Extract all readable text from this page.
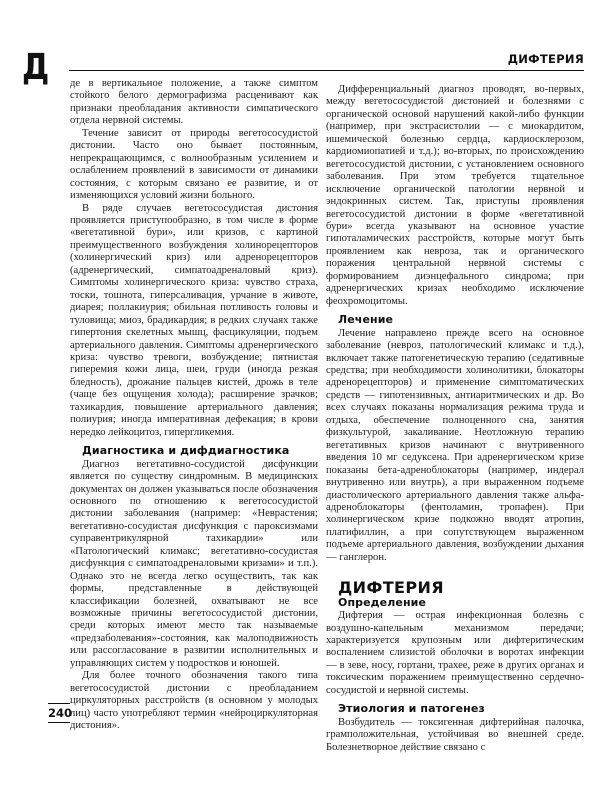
Д	ДИФТЕРИЯ

де в вертикальное положение, а также симптом стойкого белого дермографизма расценивают как признаки преобладания активности симпатического отдела нервной системы.

Течение зависит от природы вегетососудистой дистонии. Часто оно бывает постоянным, непрекращающимся, с волнообразным усилением и ослаблением проявлений в зависимости от динамики состояния, с которым связано ее развитие, и от изменяющихся условий жизни больного.

В ряде случаев вегетососудистая дистония проявляется приступообразно, в том числе в форме «вегетативной бури», или кризов, с картиной преимущественного возбуждения холинорецепторов (холинергический криз) или адренорецепторов (адренергический, симпатоадреналовый криз). Симптомы холинергического криза: чувство страха, тоски, тошнота, гиперсаливация, урчание в животе, диарея; поллакиурия; обильная потливость головы и туловища; миоз, брадикардия; в редких случаях также гипертония скелетных мышц, фасцикуляции, подъем артериального давления. Симптомы адренергического криза: чувство тревоги, возбуждение; пятнистая гиперемия кожи лица, шеи, груди (иногда резкая бледность), дрожание пальцев кистей, дрожь в теле (чаще без ощущения холода); расширение зрачков; тахикардия, повышение артериального давления; полиурия; иногда императивная дефекация; в крови нередко лейкоцитоз, гипергликемия.

Диагностика и дифдиагностика

Диагноз вегетативно-сосудистой дисфункции является по существу синдромным. В медицинских документах он должен указываться после обозначения основного по отношению к вегетососудистой дистонии заболевания (например: «Неврастения; вегетативно-сосудистая дисфункция с пароксизмами суправентрикулярной тахикардии» или «Патологический климакс; вегетативно-сосудистая дисфункция с симпатоадреналовыми кризами» и т.п.). Однако это не всегда легко осуществить, так как формы, представленные в действующей классификации болезней, охватывают не все возможные причины вегетососудистой дистонии, среди которых имеют место так называемые «предзаболевания»-состояния, как малоподвижность или рассогласование в развитии исполнительных и управляющих систем у подростков и юношей.

Для более точного обозначения такого типа вегетососудистой дистонии с преобладанием циркуляторных расстройств (в основном у молодых лиц) часто употребляют термин «нейроциркуляторная дистония».

Дифференциальный диагноз проводят, во-первых, между вегетососудистой дистонией и болезнями с органической основой нарушений какой-либо функции (например, при экстрасистолии — с миокардитом, ишемической болезнью сердца, кардиосклерозом, кардиомиопатией и т.д.); во-вторых, по происхождению вегетососудистой дистонии, с установлением основного заболевания. При этом требуется тщательное исключение органической патологии нервной и эндокринных систем. Так, приступы проявления вегетососудистой дистонии в форме «вегетативной бури» всегда указывают на основное участие гипоталамических расстройств, которые могут быть проявлением как невроза, так и органического поражения центральной нервной системы с формированием диэнцефального синдрома; при адренергических кризах необходимо исключение феохромоцитомы.

Лечение

Лечение направлено прежде всего на основное заболевание (невроз, патологический климакс и т.д.), включает также патогенетическую терапию (седативные средства; при необходимости холинолитики, блокаторы адренорецепторов) и применение симптоматических средств — гипотензивных, антиаритмических и др. Во всех случаях показаны нормализация режима труда и отдыха, обеспечение полноценного сна, занятия физкультурой, закаливание. Неотложную терапию вегетативных кризов начинают с внутривенного введения 10 мг седуксена. При адренергическом кризе показаны бета-адреноблокаторы (например, индерал внутривенно или внутрь), а при выраженном подъеме диастолического артериального давления также альфа-адреноблокаторы (фентоламин, тропафен). При холинергическом кризе подкожно вводят атропин, платифиллин, а при сопутствующем выраженном подъеме артериального давления, возбуждении дыхания — ганглерон.

ДИФТЕРИЯ
Определение

Дифтерия — острая инфекционная болезнь с воздушно-капельным механизмом передачи; характеризуется крупозным или дифтеритическим воспалением слизистой оболочки в воротах инфекции — в зеве, носу, гортани, трахее, реже в других органах и токсическим поражением преимущественно сердечно-сосудистой и нервной системы.

Этиология и патогенез

Возбудитель — токсигенная дифтерийная палочка, грамположительная, устойчивая во внешней среде. Болезнетворное действие связано с

240
